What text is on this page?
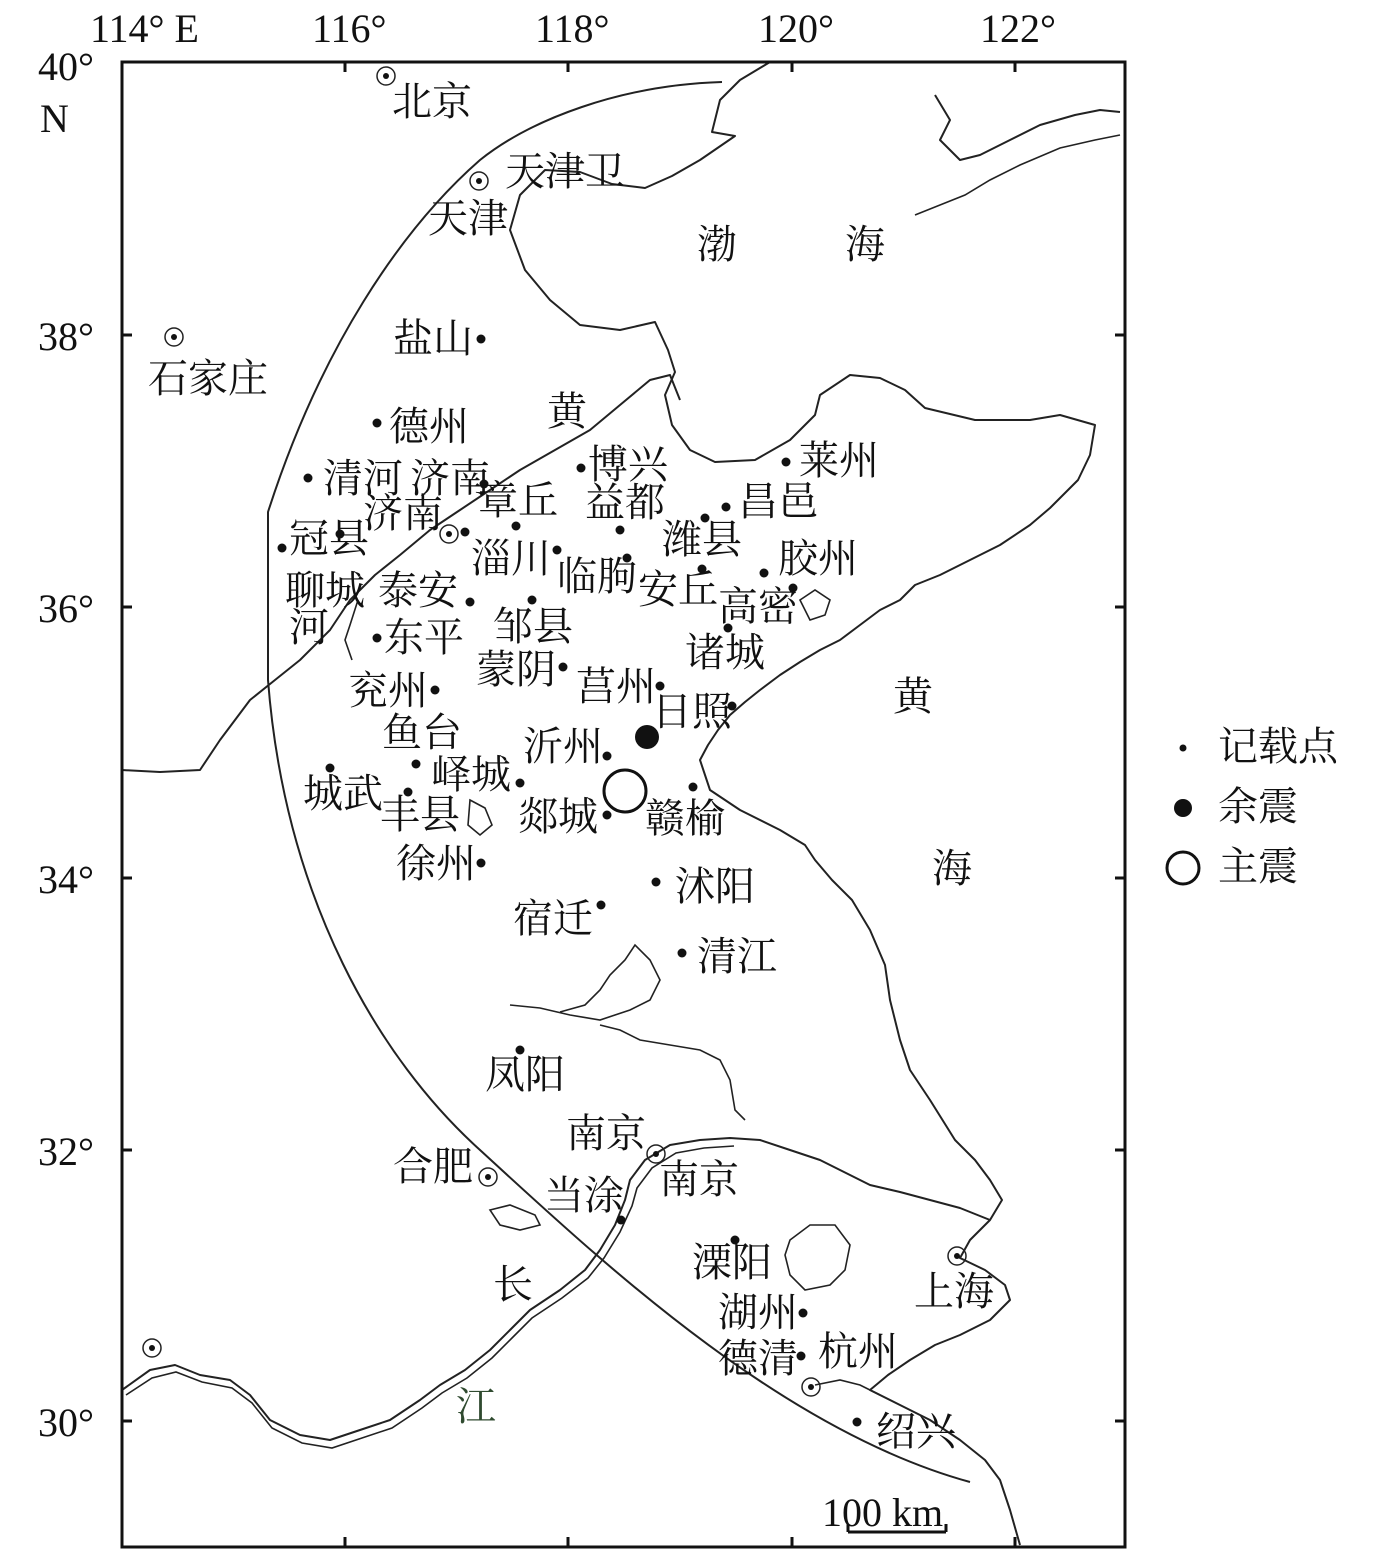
114° E	116°	118°	120°	122°
40°
N
38°
36°
34°
32°
30°
渤	海
黄
黄
海
北京
天津卫
天津
盐山
石家庄
德州
清河 济南
济南 章丘
博兴
益都
莱州
昌邑
潍县 胶州
冠县	淄川 临朐 安丘 高密
聊城 泰安
河 东平 邹县
诸城
蒙阴 莒州
日照
兖州
鱼台 沂州
城武 峄城
丰县 郯城 赣榆
徐州	沭阳
宿迁
清江
凤阳
南京
南京
合肥
当涂
溧阳
长	上海
湖州
德清 杭州
江
绍兴
100 km
记载点
余震
主震
